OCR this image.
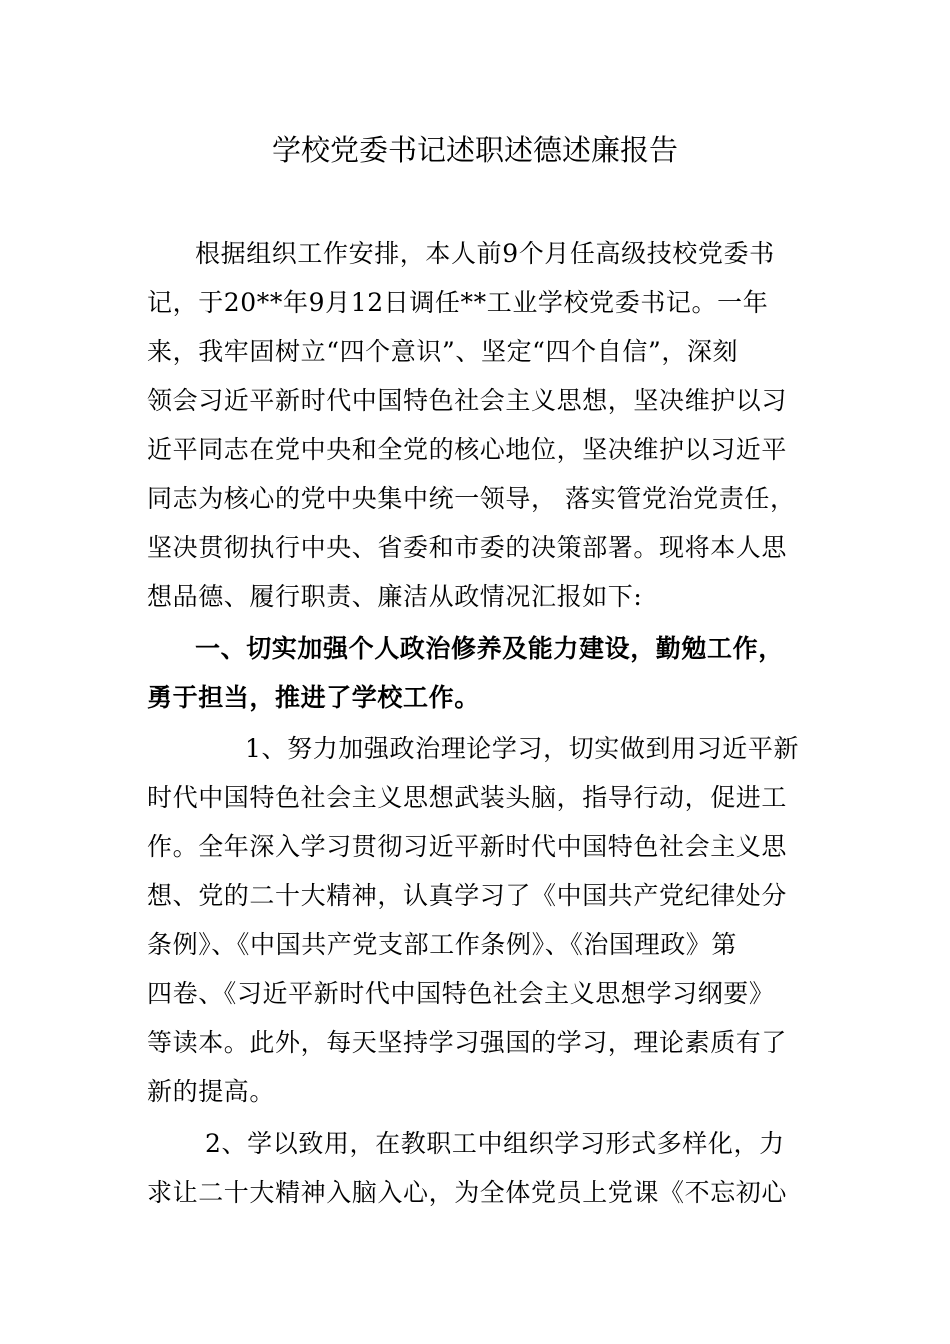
学校党委书记述职述德述廉报告
根据组织工作安排，本人前9个月任高级技校党委书
记，于20**年9月12日调任**工业学校党委书记。一年
来，我牢固树立“四个意识”、坚定“四个自信”，深刻
领会习近平新时代中国特色社会主义思想，坚决维护以习
近平同志在党中央和全党的核心地位，坚决维护以习近平
同志为核心的党中央集中统一领导， 落实管党治党责任，
坚决贯彻执行中央、省委和市委的决策部署。现将本人思
想品德、履行职责、廉洁从政情况汇报如下:
一、切实加强个人政治修养及能力建设，勤勉工作，
勇于担当，推进了学校工作。
1、努力加强政治理论学习，切实做到用习近平新
时代中国特色社会主义思想武装头脑，指导行动，促进工
作。全年深入学习贯彻习近平新时代中国特色社会主义思
想、党的二十大精神，认真学习了《中国共产党纪律处分
条例》、《中国共产党支部工作条例》、《治国理政》第
四卷、《习近平新时代中国特色社会主义思想学习纲要》
等读本。此外，每天坚持学习强国的学习，理论素质有了
新的提高。
2、学以致用，在教职工中组织学习形式多样化，力
求让二十大精神入脑入心，为全体党员上党课《不忘初心
